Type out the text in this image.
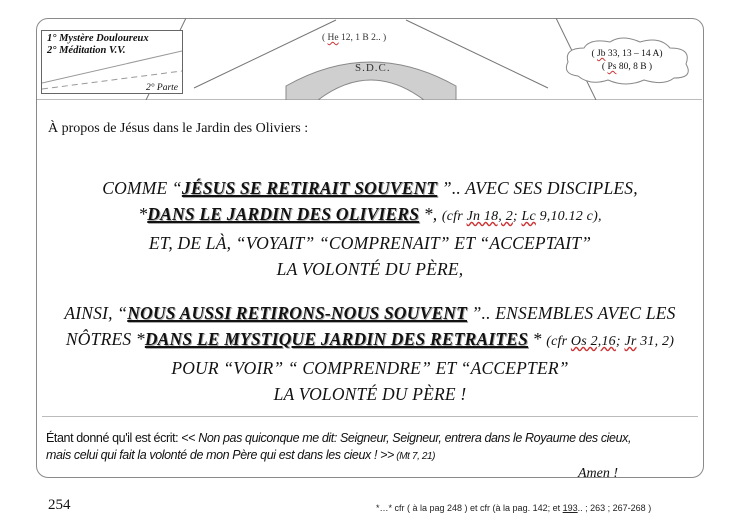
1° Mystère Douloureux
2° Méditation V.V.
2° Parte
( He 12, 1 B 2.. )
S.D.C.
( Jb 33, 13 – 14 A)
( Ps 80, 8 B )
À propos de Jésus dans le Jardin des Oliviers :
COMME “JÉSUS SE RETIRAIT SOUVENT ”.. AVEC SES DISCIPLES,
*DANS LE JARDIN DES OLIVIERS *, (cfr Jn 18, 2; Lc 9,10.12 c),
ET, DE LÀ, “VOYAIT” “COMPRENAIT” ET “ACCEPTAIT”
LA VOLONTÉ DU PÈRE,
AINSI, “NOUS AUSSI RETIRONS-NOUS SOUVENT ”.. ENSEMBLES AVEC LES
NÔTRES *DANS LE MYSTIQUE JARDIN DES RETRAITES * (cfr Os 2,16; Jr 31, 2)
POUR “VOIR” “ COMPRENDRE” ET “ACCEPTER”
LA VOLONTÉ DU PÈRE !
Étant donné qu'il est écrit: << Non pas quiconque me dit: Seigneur, Seigneur, entrera dans le Royaume des cieux,
mais celui qui fait la volonté de mon Père qui est dans les cieux ! >> (Mt 7, 21)
Amen !
254	*…* cfr ( à la pag 248 ) et cfr (à la pag. 142; et 193.. ; 263 ; 267-268 )
